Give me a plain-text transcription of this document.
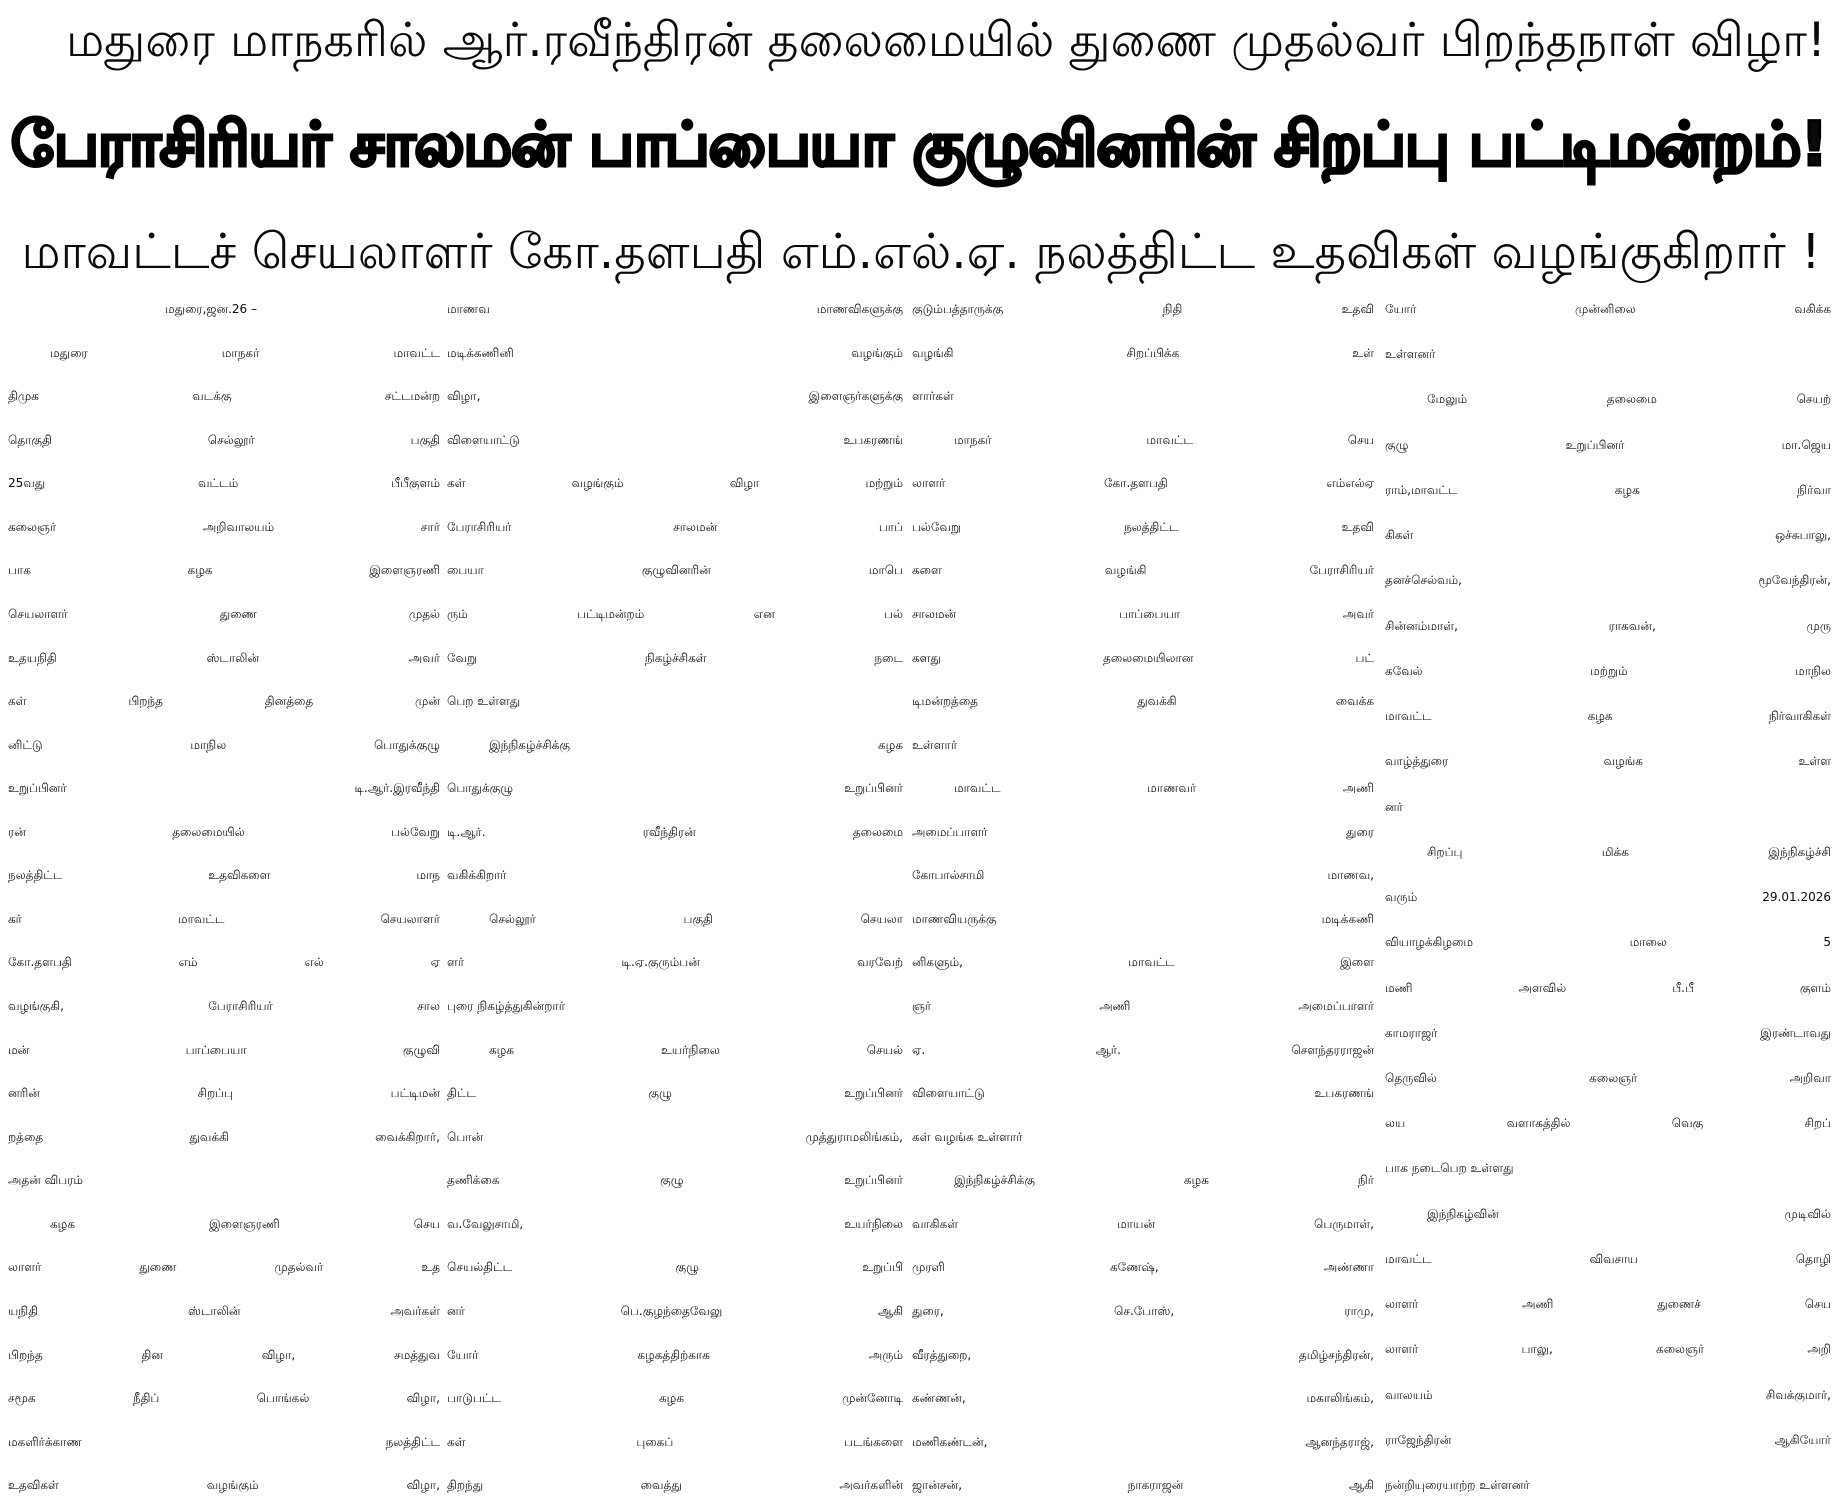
மதுரை மாநகரில் ஆர்.ரவீந்திரன் தலைமையில் துணை முதல்வர் பிறந்தநாள் விழா!
பேராசிரியர் சாலமன் பாப்பையா குழுவினரின் சிறப்பு பட்டிமன்றம்!
மாவட்டச் செயலாளர் கோ.தளபதி எம்.எல்.ஏ. நலத்திட்ட உதவிகள் வழங்குகிறார் !
மதுரை,ஜன.26 –
மதுரை மாநகர் மாவட்ட
திமுக வடக்கு சட்டமன்ற
தொகுதி செல்லூர் பகுதி
25வது வட்டம் பீபீகுளம்
கலைஞர் அறிவாலயம் சார்
பாக கழக இளைஞரணி
செயலாளர் துணை முதல்
உதயநிதி ஸ்டாலின் அவர்
கள் பிறந்த தினத்தை முன்
னிட்டு மாநில பொதுக்குழு
உறுப்பினர் டி.ஆர்.இரவீந்தி
ரன் தலைமையில் பல்வேறு
நலத்திட்ட உதவிகளை மாந
கர் மாவட்ட செயலாளர்
கோ.தளபதி எம் எல் ஏ
வழங்குகி, பேராசிரியர் சால
மன் பாப்பையா குழுவி
னரின் சிறப்பு பட்டிமன்
றத்தை துவக்கி வைக்கிறார்,
அதன் விபரம்
கழக இளைஞரணி செய
லாளர் துணை முதல்வர் உத
யநிதி ஸ்டாலின் அவர்கள்
பிறந்த தின விழா, சமத்துவ
சமூக நீதிப் பொங்கல் விழா,
மகளிர்க்காண நலத்திட்ட
உதவிகள் வழங்கும் விழா,
மாணவ மாணவிகளுக்கு
மடிக்கணினி வழங்கும்
விழா, இளைஞர்களுக்கு
விளையாட்டு உபகரணங்
கள் வழங்கும் விழா மற்றும்
பேராசிரியர் சாலமன் பாப்
பையா குழுவினரின் மாபெ
ரும் பட்டிமன்றம் என பல்
வேறு நிகழ்ச்சிகள் நடை
பெற உள்ளது
இந்நிகழ்ச்சிக்கு கழக
பொதுக்குழு உறுப்பினர்
டி.ஆர். ரவீந்திரன் தலைமை
வகிக்கிறார்
செல்லூர் பகுதி செயலா
ளர் டி.ஏ.குரும்பன் வரவேற்
புரை நிகழ்த்துகின்றார்
கழக உயர்நிலை செயல்
திட்ட குழு உறுப்பினர்
பொன் முத்துராமலிங்கம்,
தணிக்கை குழு உறுப்பினர்
வ.வேலுசாமி, உயர்நிலை
செயல்திட்ட குழு உறுப்பி
னர் பெ.குழந்தைவேலு ஆகி
யோர் கழகத்திற்காக அரும்
பாடுபட்ட கழக முன்னோடி
கள் புகைப் படங்களை
திறந்து வைத்து அவர்களின்
குடும்பத்தாருக்கு நிதி உதவி
வழங்கி சிறப்பிக்க உள்
ளார்கள்
மாநகர் மாவட்ட செய
லாளர் கோ.தளபதி எம்எல்ஏ
பல்வேறு நலத்திட்ட உதவி
களை வழங்கி பேராசிரியர்
சாலமன் பாப்பையா அவர்
களது தலைமையிலான பட்
டிமன்றத்தை துவக்கி வைக்க
உள்ளார்
மாவட்ட மாணவர் அணி
அமைப்பாளர் துரை
கோபால்சாமி மாணவ,
மாணவியருக்கு மடிக்கணி
னிகளும், மாவட்ட இளை
ஞர் அணி அமைப்பாளர்
ஏ. ஆர். சௌந்தரராஜன்
விளையாட்டு உபகரணங்
கள் வழங்க உள்ளார்
இந்நிகழ்ச்சிக்கு கழக நிர்
வாகிகள் மாயன் பெருமாள்,
முரளி கணேஷ், அண்ணா
துரை, செ.போஸ், ராமு,
வீரத்துறை, தமிழ்சந்திரன்,
கண்ணன், மகாலிங்கம்,
மணிகண்டன், ஆனந்தராஜ்,
ஜான்சன், நாகராஜன் ஆகி
யோர் முன்னிலை வகிக்க
உள்ளனர்
மேலும் தலைமை செயற்
குழு உறுப்பினர் மா.ஜெய
ராம்,மாவட்ட கழக நிர்வா
கிகள் ஒச்சுபாலு,
தனச்செல்வம், மூவேந்திரன்,
சின்னம்மாள், ராகவன், முரு
கவேல் மற்றும் மாநில
மாவட்ட கழக நிர்வாகிகள்
வாழ்த்துரை வழங்க உள்ள
னர்
சிறப்பு மிக்க இந்நிகழ்ச்சி
வரும் 29.01.2026
வியாழக்கிழமை மாலை 5
மணி அளவில் பீ.பீ குளம்
காமராஜர் இரண்டாவது
தெருவில் கலைஞர் அறிவா
லய வளாகத்தில் வெகு சிறப்
பாக நடைபெற உள்ளது
இந்நிகழ்வின் முடிவில்
மாவட்ட விவசாய தொழி
லாளர் அணி துணைச் செய
லாளர் பாலு, கலைஞர் அறி
வாலயம் சிவக்குமார்,
ராஜேந்திரன் ஆகியோர்
நன்றியுரையாற்ற உள்ளனர்
